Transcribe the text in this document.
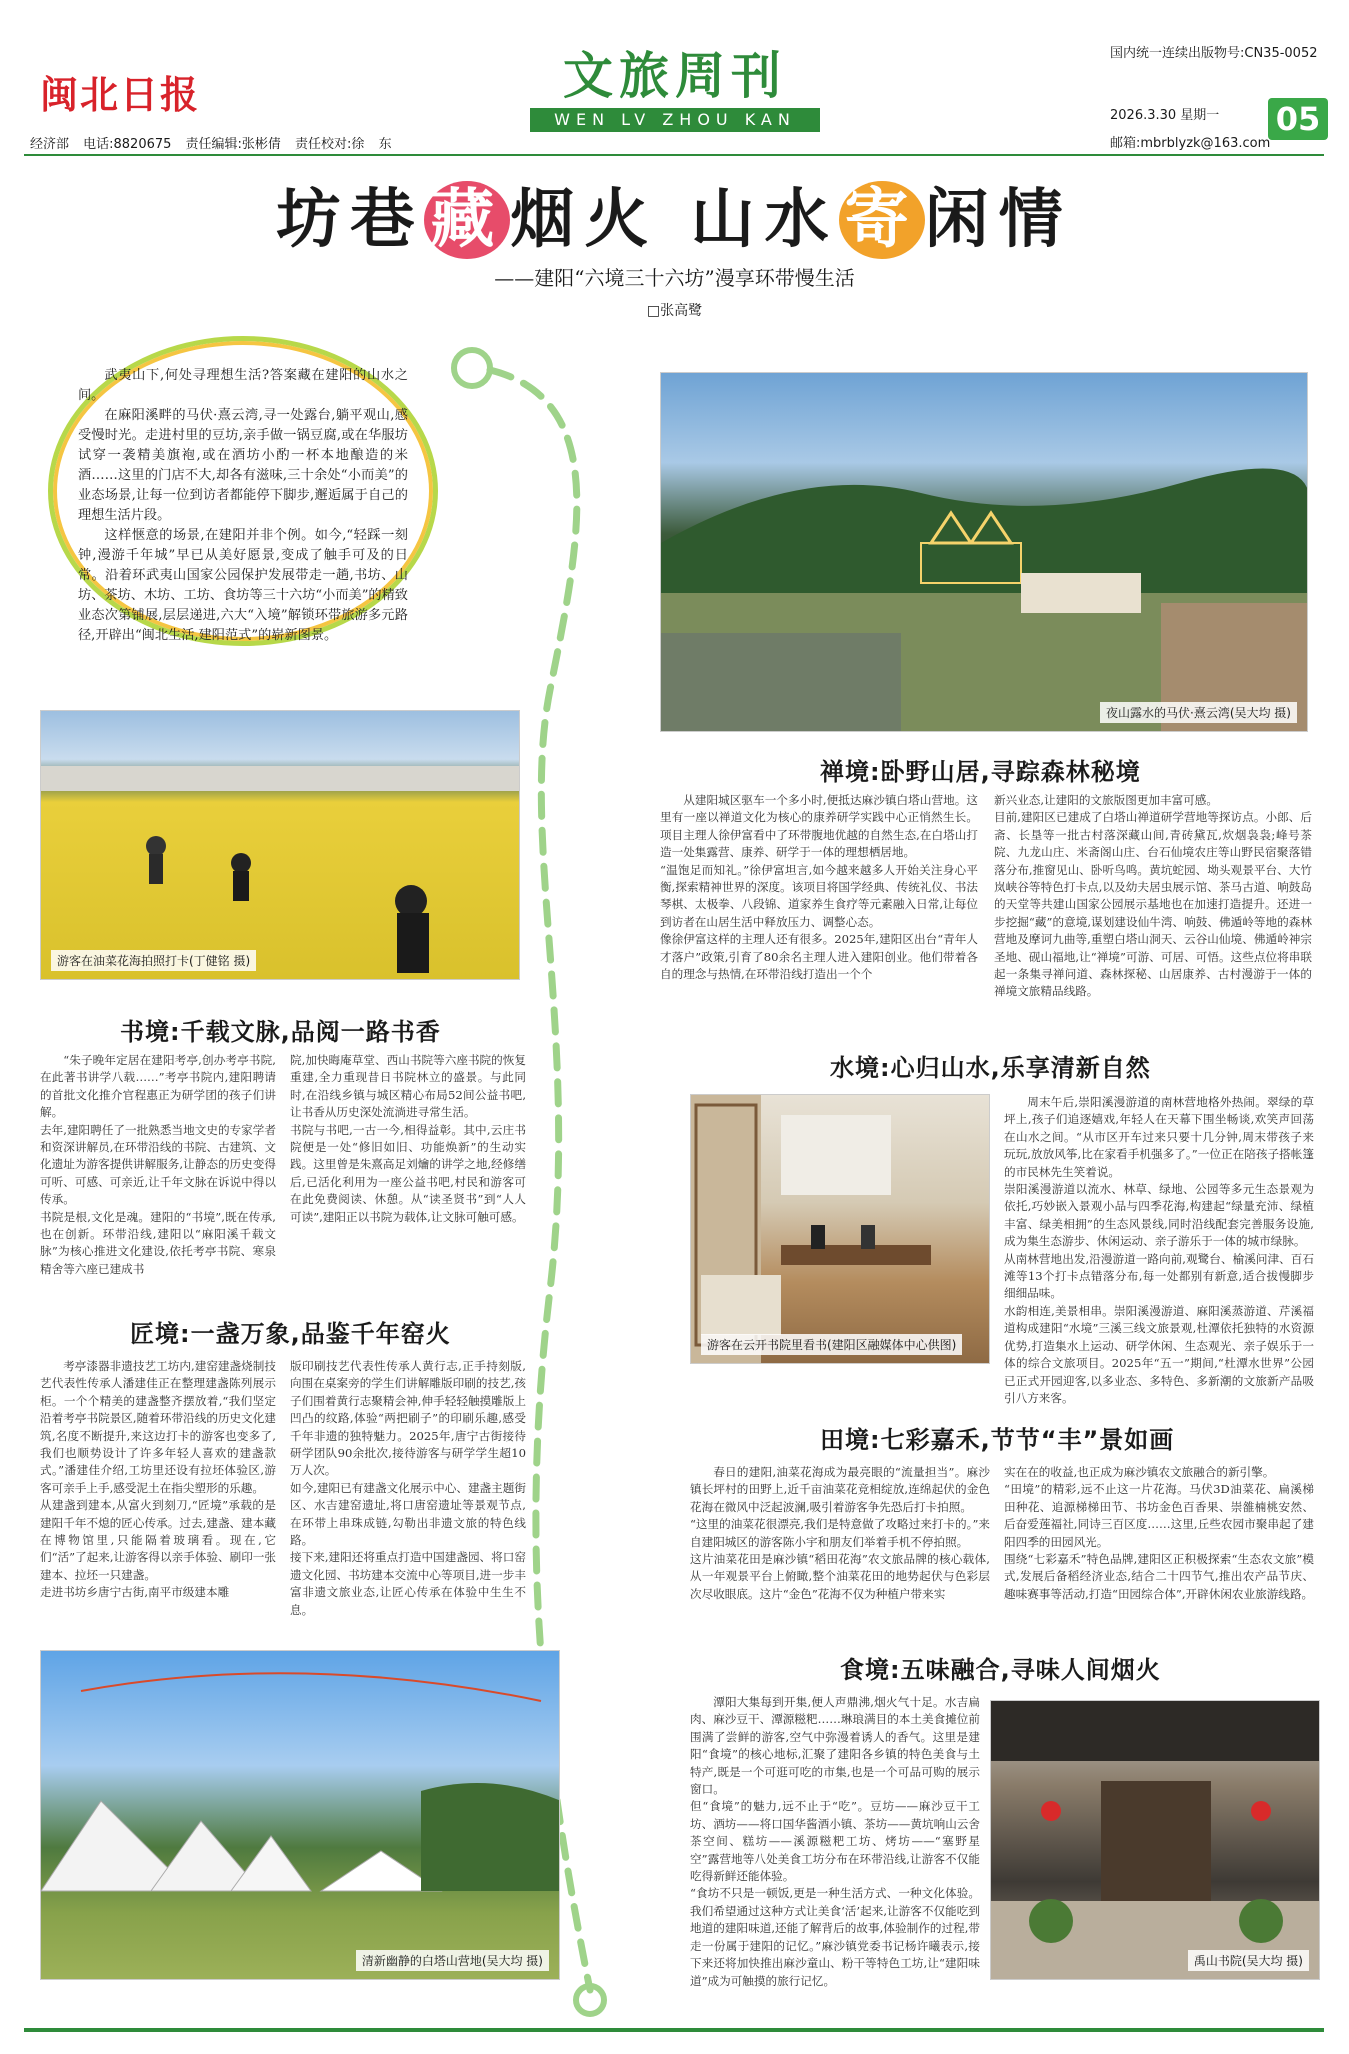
闽北日报	文旅周刊
WEN LV ZHOU KAN
国内统一连续出版物号:CN35-0052
2026.3.30 星期一 05
邮箱:mbrblyzk@163.com
经济部 电话:8820675 责任编辑:张彬倩 责任校对:徐 东
坊巷藏烟火 山水寄闲情
——建阳“六境三十六坊”漫享环带慢生活
□张高鹭

武夷山下,何处寻理想生活?答案藏在建阳的山水之间。

在麻阳溪畔的马伏·熹云湾,寻一处露台,躺平观山,感受慢时光。走进村里的豆坊,亲手做一锅豆腐,或在华服坊试穿一袭精美旗袍,或在酒坊小酌一杯本地酿造的米酒……这里的门店不大,却各有滋味,三十余处“小而美”的业态场景,让每一位到访者都能停下脚步,邂逅属于自己的理想生活片段。

这样惬意的场景,在建阳并非个例。如今,“轻踩一刻钟,漫游千年城”早已从美好愿景,变成了触手可及的日常。沿着环武夷山国家公园保护发展带走一趟,书坊、山坊、茶坊、木坊、工坊、食坊等三十六坊“小而美”的精致业态次第铺展,层层递进,六大“入境”解锁环带旅游多元路径,开辟出“闽北生活,建阳范式”的崭新图景。

夜山露水的马伏·熹云湾(吴大均 摄)
游客在油菜花海拍照打卡(丁健铭 摄)
禅境:卧野山居,寻踪森林秘境
从建阳城区驱车一个多小时,便抵达麻沙镇白塔山营地。这里有一座以禅道文化为核心的康养研学实践中心正悄然生长。项目主理人徐伊富看中了环带腹地优越的自然生态,在白塔山打造一处集露营、康养、研学于一体的理想栖居地。
“温饱足而知礼。”徐伊富坦言,如今越来越多人开始关注身心平衡,探索精神世界的深度。该项目将国学经典、传统礼仪、书法琴棋、太极拳、八段锦、道家养生食疗等元素融入日常,让每位到访者在山居生活中释放压力、调整心态。
像徐伊富这样的主理人还有很多。2025年,建阳区出台“青年人才落户”政策,引育了80余名主理人进入建阳创业。他们带着各自的理念与热情,在环带沿线打造出一个个
新兴业态,让建阳的文旅版图更加丰富可感。
目前,建阳区已建成了白塔山禅道研学营地等探访点。小郎、后斋、长垦等一批古村落深藏山间,青砖黛瓦,炊烟袅袅;峰号茶院、九龙山庄、米斋阁山庄、台石仙境农庄等山野民宿聚落错落分布,推窗见山、卧听鸟鸣。黄坑蛇园、坳头观景平台、大竹岚峡谷等特色打卡点,以及幼夫居虫展示馆、茶马古道、响鼓岛的天堂等共建山国家公园展示基地也在加速打造提升。还进一步挖掘“藏”的意境,谋划建设仙牛湾、响鼓、佛遁岭等地的森林营地及摩诃九曲等,重塑白塔山洞天、云谷山仙境、佛遁岭神宗圣地、砚山福地,让“禅境”可游、可居、可悟。这些点位将串联起一条集寻禅问道、森林探秘、山居康养、古村漫游于一体的禅境文旅精品线路。
书境:千载文脉,品阅一路书香
“朱子晚年定居在建阳考亭,创办考亭书院,在此著书讲学八载……”考亭书院内,建阳聘请的首批文化推介官程惠正为研学团的孩子们讲解。
去年,建阳聘任了一批熟悉当地文史的专家学者和资深讲解员,在环带沿线的书院、古建筑、文化遗址为游客提供讲解服务,让静态的历史变得可听、可感、可亲近,让千年文脉在诉说中得以传承。
书院是根,文化是魂。建阳的“书境”,既在传承,也在创新。环带沿线,建阳以“麻阳溪千载文脉”为核心推进文化建设,依托考亭书院、寒泉精舍等六座已建成书
院,加快晦庵草堂、西山书院等六座书院的恢复重建,全力重现昔日书院林立的盛景。与此同时,在沿线乡镇与城区精心布局52间公益书吧,让书香从历史深处流淌进寻常生活。
书院与书吧,一古一今,相得益彰。其中,云庄书院便是一处“修旧如旧、功能焕新”的生动实践。这里曾是朱熹高足刘爚的讲学之地,经修缮后,已活化利用为一座公益书吧,村民和游客可在此免费阅读、休憩。从“读圣贤书”到“人人可读”,建阳正以书院为载体,让文脉可触可感。
水境:心归山水,乐享清新自然
游客在云开书院里看书(建阳区融媒体中心供图)
周末午后,崇阳溪漫游道的南林营地格外热闹。翠绿的草坪上,孩子们追逐嬉戏,年轻人在天幕下围坐畅谈,欢笑声回荡在山水之间。“从市区开车过来只要十几分钟,周末带孩子来玩玩,放放风筝,比在家看手机强多了。”一位正在陪孩子搭帐篷的市民林先生笑着说。
崇阳溪漫游道以流水、林草、绿地、公园等多元生态景观为依托,巧妙嵌入景观小品与四季花海,构建起“绿量充沛、绿植丰富、绿美相拥”的生态风景线,同时沿线配套完善服务设施,成为集生态游步、休闲运动、亲子游乐于一体的城市绿脉。
从南林营地出发,沿漫游道一路向前,观鹭台、榆溪问津、百石滩等13个打卡点错落分布,每一处都别有新意,适合拔慢脚步细细品味。
水韵相连,美景相串。崇阳溪漫游道、麻阳溪蒸游道、芹溪福道构成建阳“水境”三溪三线文旅景观,杜潭依托独特的水资源优势,打造集水上运动、研学休闲、生态观光、亲子娱乐于一体的综合文旅项目。2025年“五一”期间,“杜潭水世界”公园已正式开园迎客,以多业态、多特色、多新潮的文旅新产品吸引八方来客。
匠境:一盏万象,品鉴千年窑火
考亭漆器非遗技艺工坊内,建窑建盏烧制技艺代表性传承人潘建佳正在整理建盏陈列展示柜。一个个精美的建盏整齐摆放着,“我们坚定沿着考亭书院景区,随着环带沿线的历史文化建筑,名度不断提升,来这边打卡的游客也变多了,我们也顺势设计了许多年轻人喜欢的建盏款式。”潘建佳介绍,工坊里还设有拉坯体验区,游客可亲手上手,感受泥土在指尖塑形的乐趣。
从建盏到建本,从富火到刻刀,“匠境”承载的是建阳千年不熄的匠心传承。过去,建盏、建本藏在博物馆里,只能隔着玻璃看。现在,它们“活”了起来,让游客得以亲手体验、刷印一张建本、拉坯一只建盏。
走进书坊乡唐宁古街,南平市级建本雕
版印刷技艺代表性传承人黄行志,正手持刻版,向围在桌案旁的学生们讲解雕版印刷的技艺,孩子们围着黄行志聚精会神,伸手轻轻触摸雕版上凹凸的纹路,体验“两把刷子”的印刷乐趣,感受千年非遗的独特魅力。2025年,唐宁古街接待研学团队90余批次,接待游客与研学学生超10万人次。
如今,建阳已有建盏文化展示中心、建盏主题街区、水吉建窑遗址,将口唐窑遗址等景观节点,在环带上串珠成链,勾勒出非遗文旅的特色线路。
接下来,建阳还将重点打造中国建盏园、将口窑遗文化园、书坊建本交流中心等项目,进一步丰富非遗文旅业态,让匠心传承在体验中生生不息。
田境:七彩嘉禾,节节“丰”景如画
春日的建阳,油菜花海成为最亮眼的“流量担当”。麻沙镇长坪村的田野上,近千亩油菜花竞相绽放,连绵起伏的金色花海在微风中泛起波澜,吸引着游客争先恐后打卡拍照。
“这里的油菜花很漂亮,我们是特意做了攻略过来打卡的。”来自建阳城区的游客陈小宇和朋友们举着手机不停拍照。
这片油菜花田是麻沙镇“稻田花海”农文旅品牌的核心载体,从一年观景平台上俯瞰,整个油菜花田的地势起伏与色彩层次尽收眼底。这片“金色”花海不仅为种植户带来实
实在在的收益,也正成为麻沙镇农文旅融合的新引擎。
“田境”的精彩,远不止这一片花海。马伏3D油菜花、扁溪梯田种花、追源梯梯田节、书坊金色百香果、崇雒楠桃安然、后奋爱莲福社,同诗三百区度……这里,丘些农园市聚串起了建阳四季的田园风光。
围绕“七彩嘉禾”特色品牌,建阳区正积极探索“生态农文旅”模式,发展后备稻经济业态,结合二十四节气,推出农产品节庆、趣味赛事等活动,打造“田园综合体”,开辟休闲农业旅游线路。
清新幽静的白塔山营地(吴大均 摄)
食境:五味融合,寻味人间烟火
潭阳大集每到开集,便人声鼎沸,烟火气十足。水吉扁肉、麻沙豆干、潭源糍粑……琳琅满目的本土美食摊位前围满了尝鲜的游客,空气中弥漫着诱人的香气。这里是建阳“食境”的核心地标,汇聚了建阳各乡镇的特色美食与土特产,既是一个可逛可吃的市集,也是一个可品可购的展示窗口。
但“食境”的魅力,远不止于“吃”。豆坊——麻沙豆干工坊、酒坊——将口国华酱酒小镇、茶坊——黄坑响山云舍茶空间、糕坊——溪源糍粑工坊、烤坊——“塞野星空”露营地等八处美食工坊分布在环带沿线,让游客不仅能吃得新鲜还能体验。
“食坊不只是一顿饭,更是一种生活方式、一种文化体验。我们希望通过这种方式让美食‘活’起来,让游客不仅能吃到地道的建阳味道,还能了解背后的故事,体验制作的过程,带走一份属于建阳的记忆。”麻沙镇党委书记杨许曦表示,接下来还将加快推出麻沙童山、粉干等特色工坊,让“建阳味道”成为可触摸的旅行记忆。
禹山书院(吴大均 摄)
